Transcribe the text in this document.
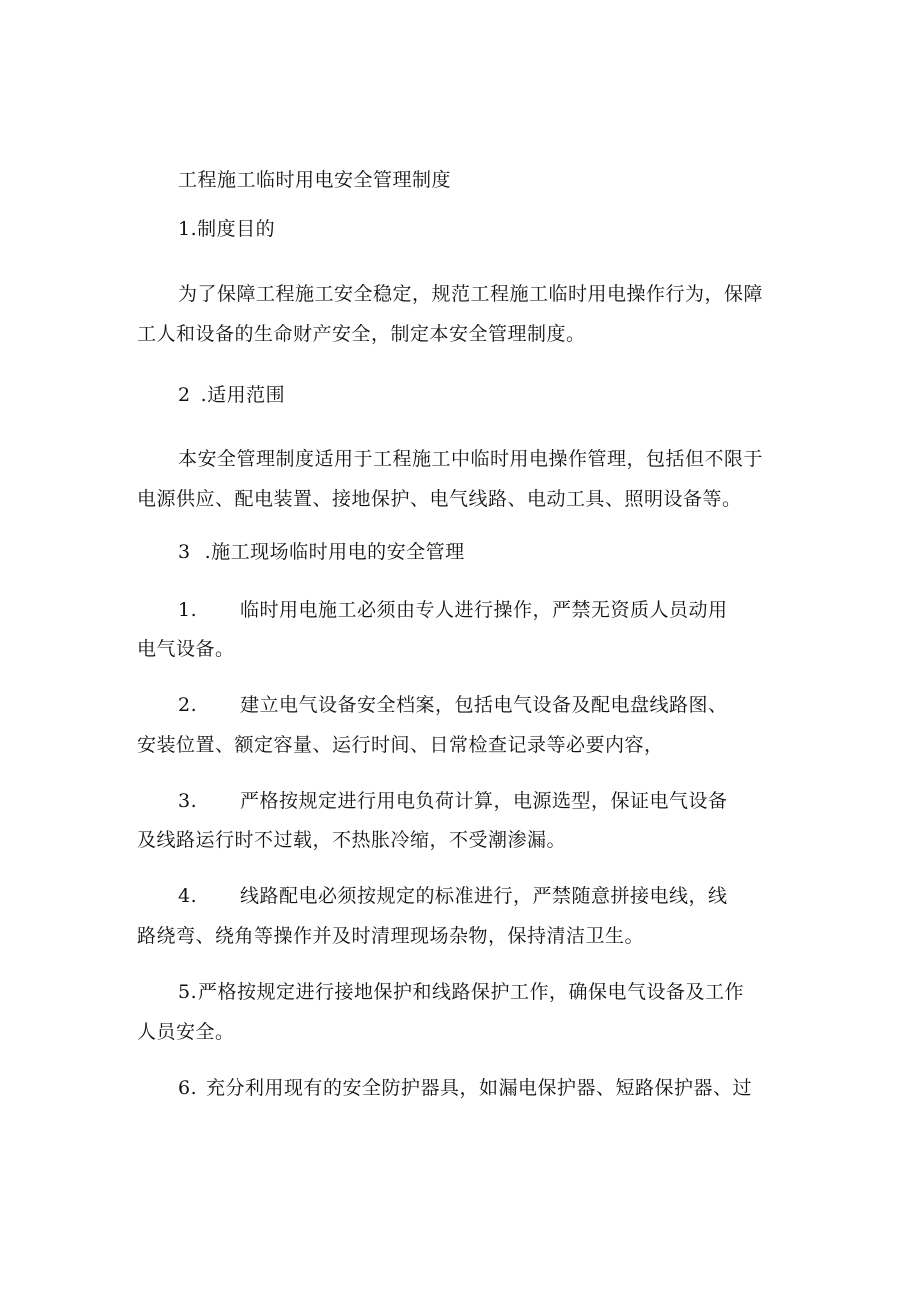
工程施工临时用电安全管理制度
1.制度目的
为了保障工程施工安全稳定，规范工程施工临时用电操作行为，保障
工人和设备的生命财产安全，制定本安全管理制度。
2 .适用范围
本安全管理制度适用于工程施工中临时用电操作管理，包括但不限于
电源供应、配电装置、接地保护、电气线路、电动工具、照明设备等。
3 .施工现场临时用电的安全管理
1. 临时用电施工必须由专人进行操作，严禁无资质人员动用
电气设备。
2. 建立电气设备安全档案，包括电气设备及配电盘线路图、
安装位置、额定容量、运行时间、日常检查记录等必要内容，
3. 严格按规定进行用电负荷计算，电源选型，保证电气设备
及线路运行时不过载，不热胀冷缩，不受潮渗漏。
4. 线路配电必须按规定的标准进行，严禁随意拼接电线，线
路绕弯、绕角等操作并及时清理现场杂物，保持清洁卫生。
5. 严格按规定进行接地保护和线路保护工作，确保电气设备及工作
人员安全。
6. 充分利用现有的安全防护器具，如漏电保护器、短路保护器、过
